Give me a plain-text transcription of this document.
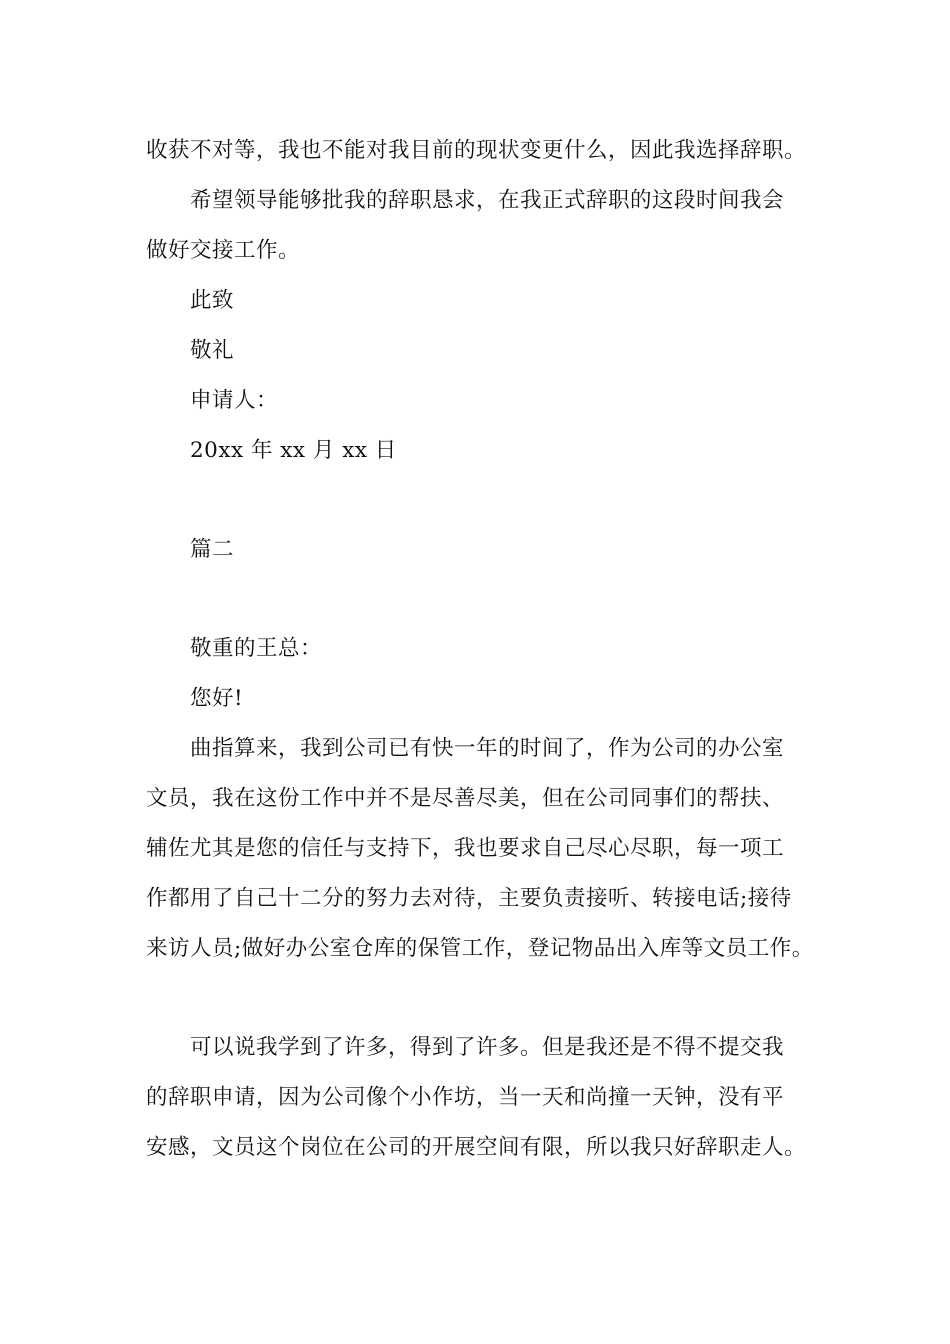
收获不对等，我也不能对我目前的现状变更什么，因此我选择辞职。
希望领导能够批我的辞职恳求，在我正式辞职的这段时间我会
做好交接工作。
此致
敬礼
申请人：
20xx 年 xx 月 xx 日
篇二
敬重的王总：
您好!
曲指算来，我到公司已有快一年的时间了，作为公司的办公室
文员，我在这份工作中并不是尽善尽美，但在公司同事们的帮扶、
辅佐尤其是您的信任与支持下，我也要求自己尽心尽职，每一项工
作都用了自己十二分的努力去对待，主要负责接听、转接电话;接待
来访人员;做好办公室仓库的保管工作，登记物品出入库等文员工作。
可以说我学到了许多，得到了许多。但是我还是不得不提交我
的辞职申请，因为公司像个小作坊，当一天和尚撞一天钟，没有平
安感，文员这个岗位在公司的开展空间有限，所以我只好辞职走人。
